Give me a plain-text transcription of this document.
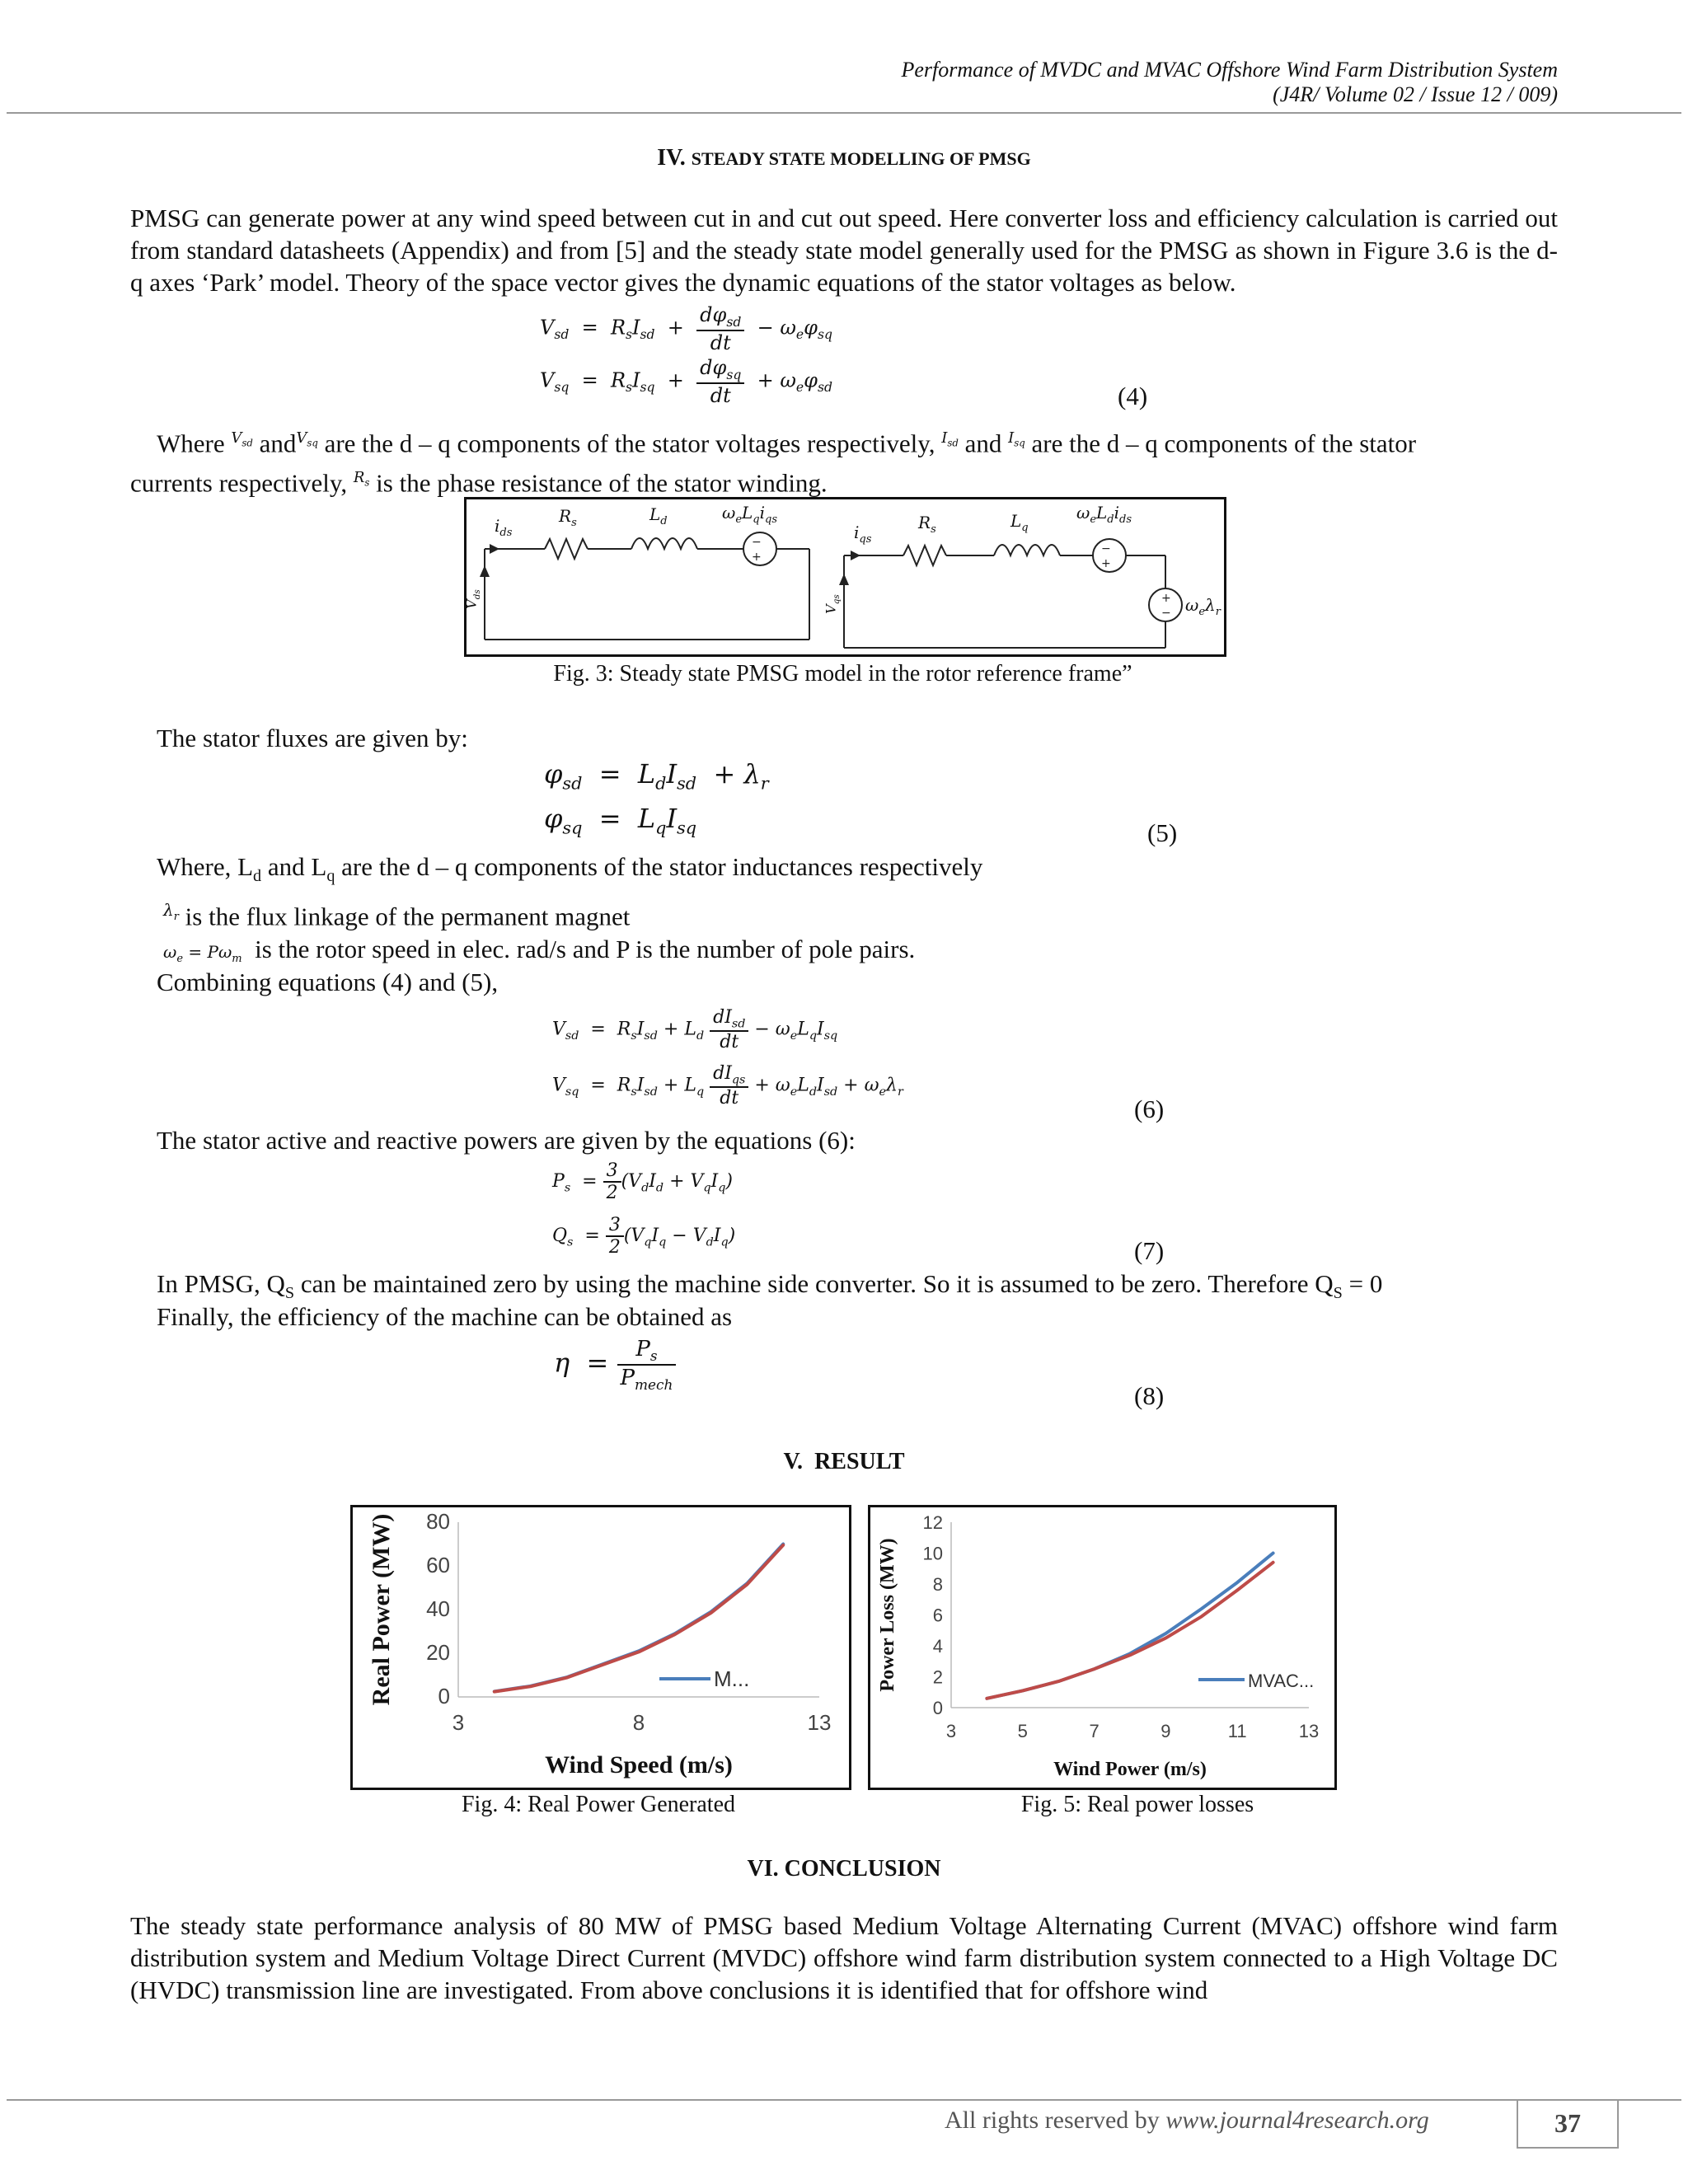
Performance of MVDC and MVAC Offshore Wind Farm Distribution System
(J4R/ Volume 02 / Issue 12 / 009)
IV. STEADY STATE MODELLING OF PMSG
PMSG can generate power at any wind speed between cut in and cut out speed. Here converter loss and efficiency calculation is carried out from standard datasheets (Appendix) and from [5] and the steady state model generally used for the PMSG as shown in Figure 3.6 is the d-q axes ‘Park’ model. Theory of the space vector gives the dynamic equations of the stator voltages as below.
$V_{sd} = R_sI_{sd} + \frac{d\varphi_{sd}}{dt} - \omega_e\varphi_{sq}$
$V_{sq} = R_sI_{sq} + \frac{d\varphi_{sq}}{dt} + \omega_e\varphi_{sd}$	(4)
Where $^{V_{sd}}$ and$^{V_{sq}}$ are the d – q components of the stator voltages respectively, $^{I_{sd}}$ and $^{I_{sq}}$ are the d – q components of the stator
currents respectively, $^{R_s}$ is the phase resistance of the stator winding.
−
+
−
+
+
−
$i_{ds}$
$R_s$	$L_d$	$\omega_eL_qi_{qs}$
$i_{qs}$
$R_s$	$L_q$
$\omega_eL_di_{ds}$
$\omega_e\lambda_r$
$V_{ds}$
$V_{qs}$
Fig. 3: Steady state PMSG model in the rotor reference frame”
The stator fluxes are given by:
$\varphi_{sd} = L_dI_{sd} + \lambda_r$
$\varphi_{sq} = L_qI_{sq}$	(5)
Where, $L_d$ and $L_q$ are the d – q components of the stator inductances respectively
$^{\lambda_r}$ is the flux linkage of the permanent magnet
$\omega_e = P\omega_m$ is the rotor speed in elec. rad/s and P is the number of pole pairs.
Combining equations (4) and (5),
$V_{sd} = R_sI_{sd} + L_d \frac{dI_{sd}}{dt} - \omega_eL_qI_{sq}$
$V_{sq} = R_sI_{sd} + L_q \frac{dI_{qs}}{dt} + \omega_eL_dI_{sd} + \omega_e\lambda_r$
(6)
The stator active and reactive powers are given by the equations (6):
$P_s = \frac{3}{2} (V_dI_d + V_qI_q)$
$Q_s = \frac{3}{2} (V_qI_q - V_dI_q)$
(7)
In PMSG, $Q_S$ can be maintained zero by using the machine side converter. So it is assumed to be zero. Therefore $Q_S = 0$
Finally, the efficiency of the machine can be obtained as
$\eta = \frac{P_s}{P_{mech}}$
(8)
V. RESULT
0
20
40
60
80
3	8	13
M...
Wind Speed (m/s)
Real Power (MW)
0
2
4
6
8
10
12
3	5	7	9	11	13
MVAC...
Wind Power (m/s)
Power Loss (MW)
Fig. 4: Real Power Generated	Fig. 5: Real power losses
VI. CONCLUSION
The steady state performance analysis of 80 MW of PMSG based Medium Voltage Alternating Current (MVAC) offshore wind farm distribution system and Medium Voltage Direct Current (MVDC) offshore wind farm distribution system connected to a High Voltage DC (HVDC) transmission line are investigated. From above conclusions it is identified that for offshore wind
All rights reserved by www.journal4research.org	37
